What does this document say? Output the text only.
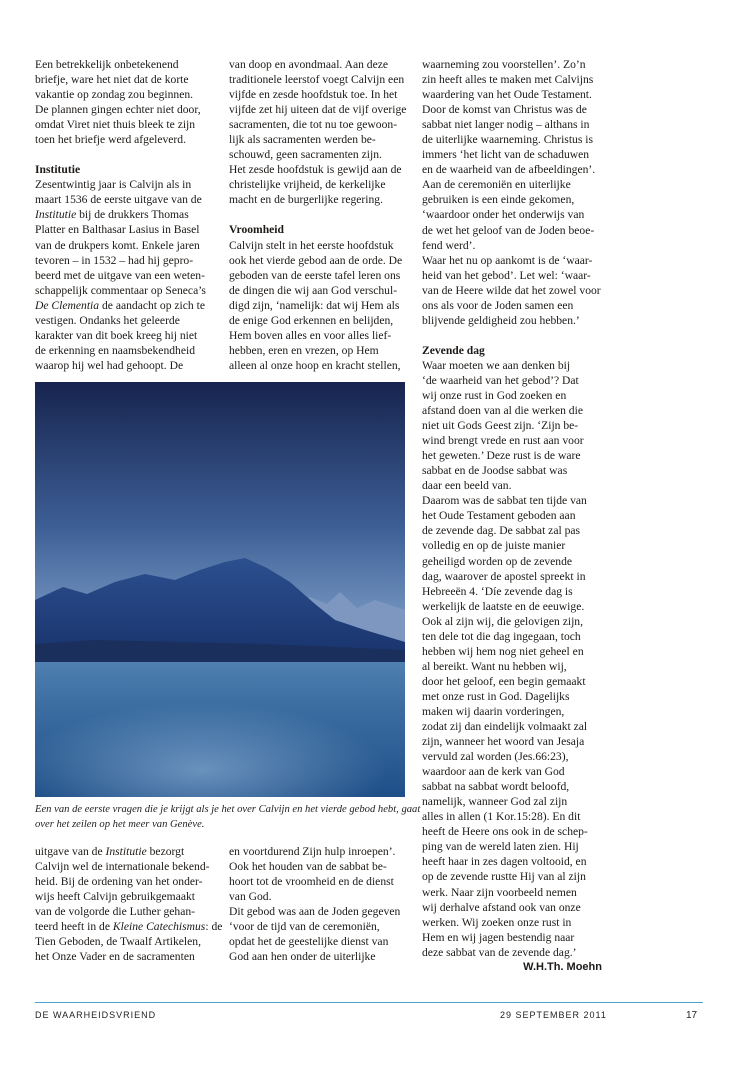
Een betrekkelijk onbetekenend
briefje, ware het niet dat de korte
vakantie op zondag zou beginnen.
De plannen gingen echter niet door,
omdat Viret niet thuis bleek te zijn
toen het briefje werd afgeleverd.
Institutie
Zesentwintig jaar is Calvijn als in
maart 1536 de eerste uitgave van de
Institutie bij de drukkers Thomas
Platter en Balthasar Lasius in Basel
van de drukpers komt. Enkele jaren
tevoren – in 1532 – had hij gepro-
beerd met de uitgave van een weten-
schappelijk commentaar op Seneca’s
De Clementia de aandacht op zich te
vestigen. Ondanks het geleerde
karakter van dit boek kreeg hij niet
de erkenning en naamsbekendheid
waarop hij wel had gehoopt. De
van doop en avondmaal. Aan deze
traditionele leerstof voegt Calvijn een
vijfde en zesde hoofdstuk toe. In het
vijfde zet hij uiteen dat de vijf overige
sacramenten, die tot nu toe gewoon-
lijk als sacramenten werden be-
schouwd, geen sacramenten zijn.
Het zesde hoofdstuk is gewijd aan de
christelijke vrijheid, de kerkelijke
macht en de burgerlijke regering.
Vroomheid
Calvijn stelt in het eerste hoofdstuk
ook het vierde gebod aan de orde. De
geboden van de eerste tafel leren ons
de dingen die wij aan God verschul-
digd zijn, ‘namelijk: dat wij Hem als
de enige God erkennen en belijden,
Hem boven alles en voor alles lief-
hebben, eren en vrezen, op Hem
alleen al onze hoop en kracht stellen,
waarneming zou voorstellen’. Zo’n
zin heeft alles te maken met Calvijns
waardering van het Oude Testament.
Door de komst van Christus was de
sabbat niet langer nodig – althans in
de uiterlijke waarneming. Christus is
immers ‘het licht van de schaduwen
en de waarheid van de afbeeldingen’.
Aan de ceremoniën en uiterlijke
gebruiken is een einde gekomen,
‘waardoor onder het onderwijs van
de wet het geloof van de Joden beoe-
fend werd’.
Waar het nu op aankomt is de ‘waar-
heid van het gebod’. Let wel: ‘waar-
van de Heere wilde dat het zowel voor
ons als voor de Joden samen een
blijvende geldigheid zou hebben.’
Zevende dag
Waar moeten we aan denken bij
‘de waarheid van het gebod’? Dat
wij onze rust in God zoeken en
afstand doen van al die werken die
niet uit Gods Geest zijn. ‘Zijn be-
wind brengt vrede en rust aan voor
het geweten.’ Deze rust is de ware
sabbat en de Joodse sabbat was
daar een beeld van.
Daarom was de sabbat ten tijde van
het Oude Testament geboden aan
de zevende dag. De sabbat zal pas
volledig en op de juiste manier
geheiligd worden op de zevende
dag, waarover de apostel spreekt in
Hebreeën 4. ‘Díe zevende dag is
werkelijk de laatste en de eeuwige.
Ook al zijn wij, die gelovigen zijn,
ten dele tot die dag ingegaan, toch
hebben wij hem nog niet geheel en
al bereikt. Want nu hebben wij,
door het geloof, een begin gemaakt
met onze rust in God. Dagelijks
maken wij daarin vorderingen,
zodat zij dan eindelijk volmaakt zal
zijn, wanneer het woord van Jesaja
vervuld zal worden (Jes.66:23),
waardoor aan de kerk van God
sabbat na sabbat wordt beloofd,
namelijk, wanneer God zal zijn
alles in allen (1 Kor.15:28). En dit
heeft de Heere ons ook in de schep-
ping van de wereld laten zien. Hij
heeft haar in zes dagen voltooid, en
op de zevende rustte Hij van al zijn
werk. Naar zijn voorbeeld nemen
wij derhalve afstand ook van onze
werken. Wij zoeken onze rust in
Hem en wij jagen bestendig naar
deze sabbat van de zevende dag.’
W.H.Th. Moehn
Een van de eerste vragen die je krijgt als je het over Calvijn en het vierde gebod hebt, gaat
over het zeilen op het meer van Genève.
uitgave van de Institutie bezorgt
Calvijn wel de internationale bekend-
heid. Bij de ordening van het onder-
wijs heeft Calvijn gebruikgemaakt
van de volgorde die Luther gehan-
teerd heeft in de Kleine Catechismus: de
Tien Geboden, de Twaalf Artikelen,
het Onze Vader en de sacramenten
en voortdurend Zijn hulp inroepen’.
Ook het houden van de sabbat be-
hoort tot de vroomheid en de dienst
van God.
Dit gebod was aan de Joden gegeven
‘voor de tijd van de ceremoniën,
opdat het de geestelijke dienst van
God aan hen onder de uiterlijke
DE WAARHEIDSVRIEND	29 SEPTEMBER 2011	17
